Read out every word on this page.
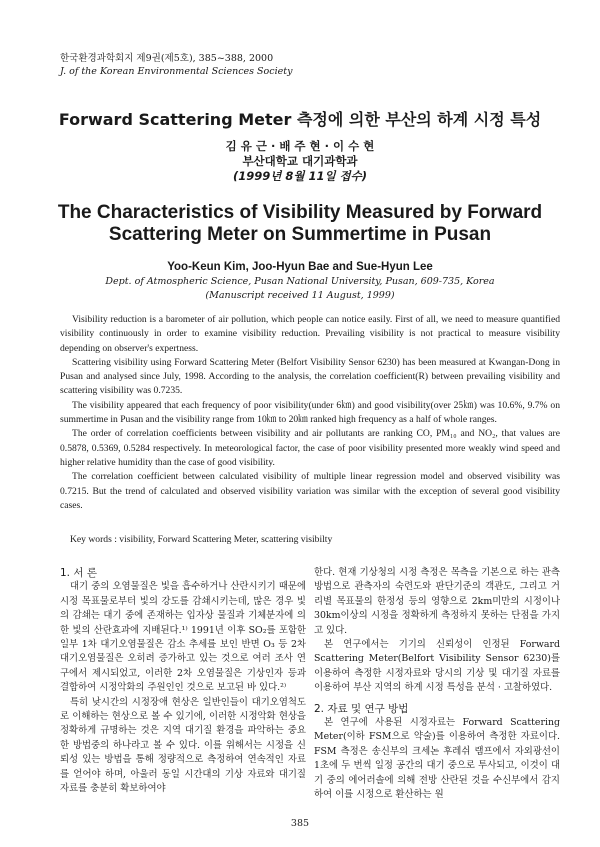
한국환경과학회지 제9권(제5호), 385~388, 2000
J. of the Korean Environmental Sciences Society
Forward Scattering Meter 측정에 의한 부산의 하계 시정 특성
김 유 근 · 배 주 현 · 이 수 현
부산대학교 대기과학과
(1999년 8월 11일 접수)
The Characteristics of Visibility Measured by Forward Scattering Meter on Summertime in Pusan
Yoo-Keun Kim, Joo-Hyun Bae and Sue-Hyun Lee
Dept. of Atmospheric Science, Pusan National University, Pusan, 609-735, Korea
(Manuscript received 11 August, 1999)

Visibility reduction is a barometer of air pollution, which people can notice easily. First of all, we need to measure quantified visibility continuously in order to examine visibility reduction. Prevailing visibility is not practical to measure visibility depending on observer's expertness.

Scattering visibility using Forward Scattering Meter (Belfort Visibility Sensor 6230) has been measured at Kwangan-Dong in Pusan and analysed since July, 1998. According to the analysis, the correlation coefficient(R) between prevailing visibility and scattering visibility was 0.7235.

The visibility appeared that each frequency of poor visibility(under 6㎞) and good visibility(over 25㎞) was 10.6%, 9.7% on summertime in Pusan and the visibility range from 10㎞ to 20㎞ ranked high frequency as a half of whole ranges.

The order of correlation coefficients between visibility and air pollutants are ranking CO, PM₁₀ and NO₂, that values are 0.5878, 0.5369, 0.5284 respectively. In meteorological factor, the case of poor visibility presented more weakly wind speed and higher relative humidity than the case of good visibility.

The correlation coefficient between calculated visibility of multiple linear regression model and observed visibility was 0.7215. But the trend of calculated and observed visibility variation was similar with the exception of several good visibility cases.

Key words : visibility, Forward Scattering Meter, scattering visibilty
1. 서 론

대기 중의 오염물질은 빛을 흡수하거나 산란시키기 때문에 시정 목표물로부터 빛의 강도를 감쇄시키는데, 많은 경우 빛의 감쇄는 대기 중에 존재하는 입자상 물질과 기체분자에 의한 빛의 산란효과에 지배된다.¹⁾ 1991년 이후 SO₂를 포함한 일부 1차 대기오염물질은 감소 추세를 보인 반면 O₃ 등 2차 대기오염물질은 오히려 증가하고 있는 것으로 여러 조사 연구에서 제시되었고, 이러한 2차 오염물질은 기상인자 등과 결합하여 시정악화의 주원인인 것으로 보고된 바 있다.²⁾

특히 낮시간의 시정장애 현상은 일반인들이 대기오염척도로 이해하는 현상으로 볼 수 있기에, 이러한 시정악화 현상을 정확하게 규명하는 것은 지역 대기질 환경을 파악하는 중요한 방법중의 하나라고 볼 수 있다. 이를 위해서는 시정을 신뢰성 있는 방법을 통해 정량적으로 측정하여 연속적인 자료를 얻어야 하며, 아울러 동일 시간대의 기상 자료와 대기질 자료를 충분히 확보하여야

한다. 현재 기상청의 시정 측정은 목측을 기본으로 하는 관측방법으로 관측자의 숙련도와 판단기준의 객관도, 그리고 거리별 목표물의 한정성 등의 영향으로 2km미만의 시정이나 30km이상의 시정을 정확하게 측정하지 못하는 단점을 가지고 있다.

본 연구에서는 기기의 신뢰성이 인정된 Forward Scattering Meter(Belfort Visibility Sensor 6230)를 이용하여 측정한 시정자료와 당시의 기상 및 대기질 자료를 이용하여 부산 지역의 하계 시정 특성을 분석 · 고찰하였다.

2. 자료 및 연구 방법

본 연구에 사용된 시정자료는 Forward Scattering Meter(이하 FSM으로 약술)를 이용하여 측정한 자료이다. FSM 측정은 송신부의 크세논 후레쉬 램프에서 자외광선이 1초에 두 번씩 일정 공간의 대기 중으로 투사되고, 이것이 대기 중의 에어러솔에 의해 전방 산란된 것을 수신부에서 감지하여 이를 시정으로 환산하는 원

385
